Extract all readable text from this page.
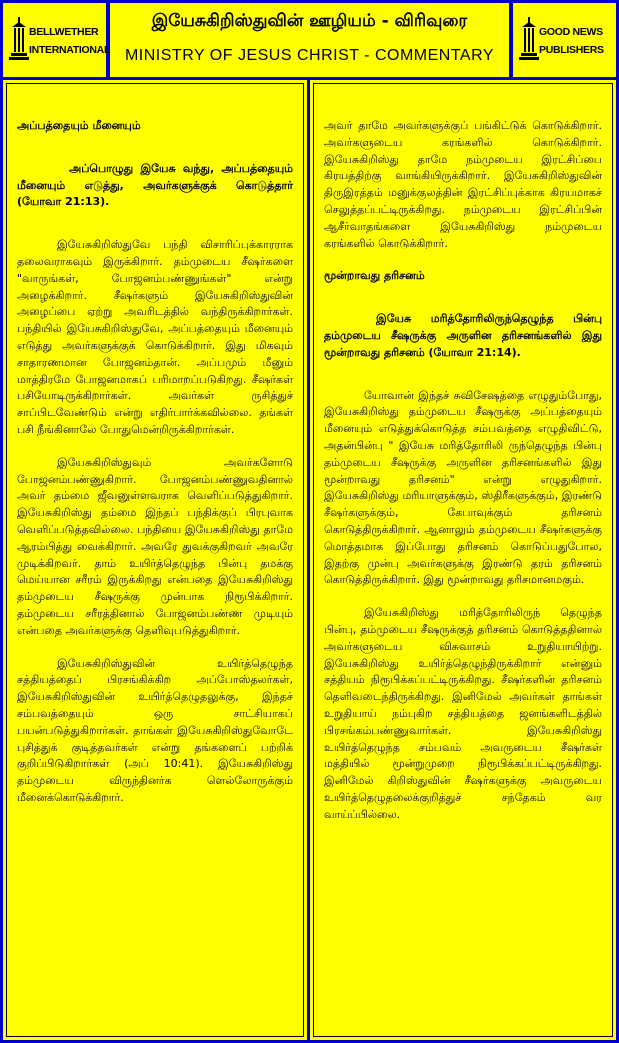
BELLWETHER INTERNATIONAL
இயேசுகிறிஸ்துவின் ஊழியம் - விரிவுரை
MINISTRY OF JESUS CHRIST - COMMENTARY
GOOD NEWS PUBLISHERS

அப்பத்தையும் மீனையும்

அப்பொழுது இயேசு வந்து, அப்பத்தையும் மீனையும் எடுத்து, அவர்களுக்குக் கொடுத்தார் (யோவா 21:13).

இயேசுகிறிஸ்துவே பந்தி விசாரிப்புக்காரராக தலைவராகவும் இருக்கிறார். தம்முடைய சீஷர்களை "வாருங்கள், போஜனம்பண்ணுங்கள்" என்று அழைக்கிறார். சீஷர்களும் இயேசுகிறிஸ்துவின் அழைப்பை ஏற்று அவரிடத்தில் வந்திருக்கிறார்கள். பந்தியில் இயேசுகிறிஸ்துவே, அப்பத்தையும் மீனையும் எடுத்து அவர்களுக்குக் கொடுக்கிறார். இது மிகவும் சாதாரணமான போஜனம்தான். அப்பமும் மீனும் மாத்திரமே போஜனமாகப் பரிமாறப்படுகிறது. சீஷர்கள் பசியோடிருக்கிறார்கள். அவர்கள் ருசித்துச் சாப்பிடவேண்டும் என்று எதிர்பார்க்கவில்லை. தங்கள் பசி நீங்கினாலே போதுமென்றிருக்கிறார்கள்.

இயேசுகிறிஸ்துவும் அவர்களோடு போஜனம்பண்ணுகிறார். போஜனம்பண்ணுவதினால் அவர் தம்மை ஜீவனுள்ளவராக வெளிப்படுத்துகிறார். இயேசுகிறிஸ்து தம்மை இந்தப் பந்திக்குப் பிரபுவாக வெளிப்படுத்தவில்லை. பந்தியை இயேசுகிறிஸ்து தாமே ஆரம்பித்து வைக்கிறார். அவரே துவக்குகிறவர் அவரே முடிக்கிறவர். தாம் உயிர்த்தெழுந்த பின்பு தமக்கு மெய்யான சரீரம் இருக்கிறது என்பதை இயேசுகிறிஸ்து தம்முடைய சீஷருக்கு முன்பாக நிரூபிக்கிறார். தம்முடைய சரீரத்தினால் போஜனம்பண்ண முடியும் என்பதை அவர்களுக்கு தெளிவுபடுத்துகிறார்.

இயேசுகிறிஸ்துவின் உயிர்த்தெழுந்த சத்தியத்தைப் பிரசங்கிக்கிற அப்போஸ்தலர்கள், இயேசுகிறிஸ்துவின் உயிர்த்தெழுதலுக்கு, இந்தச் சம்பவத்தையும் ஒரு சாட்சியாகப் பயன்படுத்துகிறார்கள். தாங்கள் இயேசுகிறிஸ்துவோடே புசித்துக் குடித்தவர்கள் என்று தங்களைப் பற்றிக் குறிப்பிடுகிறார்கள் (அப் 10:41). இயேசுகிறிஸ்து தம்முடைய விருந்தினர்க ளெல்லோருக்கும் மீனைக்கொடுக்கிறார்.

அவர் தாமே அவர்களுக்குப் பங்கிட்டுக் கொடுக்கிறார். அவர்களுடைய கரங்களில் கொடுக்கிறார். இயேசுகிறிஸ்து தாமே நம்முடைய இரட்சிப்பை கிரயத்திற்கு வாங்கியிருக்கிறார். இயேசுகிறிஸ்துவின் திருஇரத்தம் மனுக்குலத்தின் இரட்சிப்புக்காக கிரயமாகச் செலுத்தப்பட்டிருக்கிறது. நம்முடைய இரட்சிப்பின் ஆசீர்வாதங்களை இயேசுகிறிஸ்து நம்முடைய கரங்களில் கொடுக்கிறார்.

மூன்றாவது தரிசனம்

இயேசு மரித்தோரிலிருந்தெழுந்த பின்பு தம்முடைய சீஷருக்கு அருளின தரிசனங்களில் இது மூன்றாவது தரிசனம் (யோவா 21:14).

யோவான் இந்தச் சுவிசேஷத்தை எழுதும்போது, இயேசுகிறிஸ்து தம்முடைய சீஷருக்கு அப்பத்தையும் மீனையும் எடுத்துக்கொடுத்த சம்பவத்தை எழுதிவிட்டு, அதன்பின்பு " இயேசு மரித்தோரிலி ருந்தெழுந்த பின்பு தம்முடைய சீஷருக்கு அருளின தரிசனங்களில் இது மூன்றாவது தரிசனம்" என்று எழுதுகிறார். இயேசுகிறிஸ்து மரியாளுக்கும், ஸ்திரீகளுக்கும், இரண்டு சீஷர்களுக்கும், கேபாவுக்கும் தரிசனம் கொடுத்திருக்கிறார். ஆனாலும் தம்முடைய சீஷர்களுக்கு மொத்தமாக இப்போது தரிசனம் கொடுப்பதுபோல, இதற்கு முன்பு அவர்களுக்கு இரண்டு தரம் தரிசனம் கொடுத்திருக்கிறார். இது மூன்றாவது தரிசமானமகும்.

இயேசுகிறிஸ்து மரித்தோரிலிருந் தெழுந்த பின்பு, தம்முடைய சீஷருக்குத் தரிசனம் கொடுத்ததினால் அவர்களுடைய விசுவாசம் உறுதியாயிற்று. இயேசுகிறிஸ்து உயிர்த்தெழுந்திருக்கிறார் என்னும் சத்தியம் நிரூபிக்கப்பட்டிருக்கிறது. சீஷர்களின் தரிசனம் தெளிவடைந்திருக்கிறது. இனிமேல் அவர்கள் தாங்கள் உறுதியாய் நம்புகிற சத்தியத்தை ஜனங்களிடத்தில் பிரசங்கம்பண்ணுவார்கள். இயேசுகிறிஸ்து உயிர்த்தெழுந்த சம்பவம் அவருடைய சீஷர்கள் மத்தியில் மூன்றுமுறை நிரூபிக்கப்பட்டிருக்கிறது. இனிமேல் கிறிஸ்துவின் சீஷர்களுக்கு அவருடைய உயிர்த்தெழுதலைக்குறித்துச் சந்தேகம் வர வாய்ப்பில்லை.
